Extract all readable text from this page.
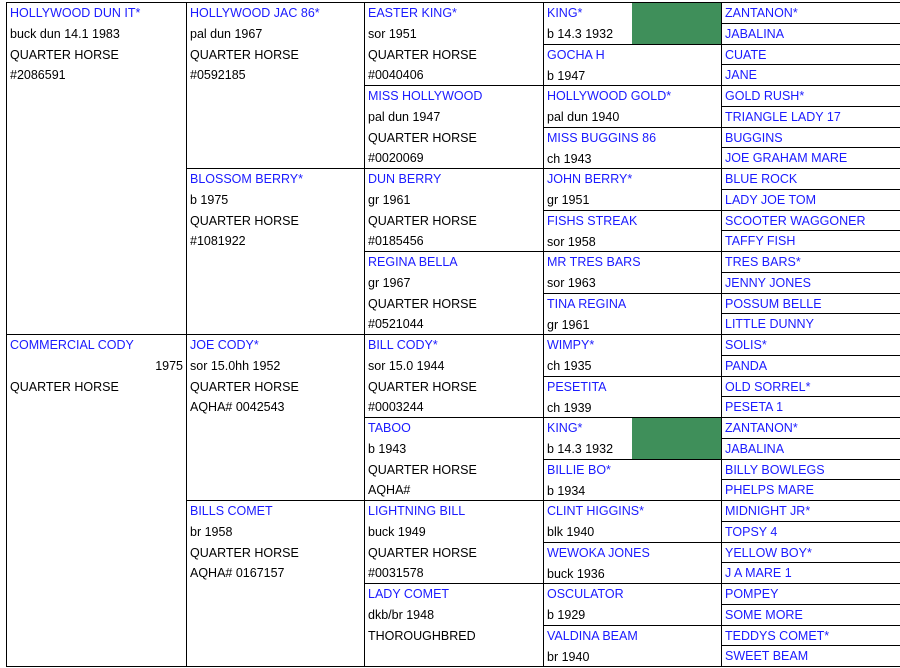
HOLLYWOOD DUN IT*
buck dun 14.1 1983
QUARTER HORSE
#2086591
COMMERCIAL CODY
1975
QUARTER HORSE
HOLLYWOOD JAC 86*
pal dun 1967
QUARTER HORSE
#0592185
BLOSSOM BERRY*
b 1975
QUARTER HORSE
#1081922
JOE CODY*
sor 15.0hh 1952
QUARTER HORSE
AQHA# 0042543
BILLS COMET
br 1958
QUARTER HORSE
AQHA# 0167157
EASTER KING*
sor 1951
QUARTER HORSE
#0040406
MISS HOLLYWOOD
pal dun 1947
QUARTER HORSE
#0020069
DUN BERRY
gr 1961
QUARTER HORSE
#0185456
REGINA BELLA
gr 1967
QUARTER HORSE
#0521044
BILL CODY*
sor 15.0 1944
QUARTER HORSE
#0003244
TABOO
b 1943
QUARTER HORSE
AQHA#
LIGHTNING BILL
buck 1949
QUARTER HORSE
#0031578
LADY COMET
dkb/br 1948
THOROUGHBRED
KING*
b 14.3 1932
GOCHA H
b 1947
HOLLYWOOD GOLD*
pal dun 1940
MISS BUGGINS 86
ch 1943
JOHN BERRY*
gr 1951
FISHS STREAK
sor 1958
MR TRES BARS
sor 1963
TINA REGINA
gr 1961
WIMPY*
ch 1935
PESETITA
ch 1939
KING*
b 14.3 1932
BILLIE BO*
b 1934
CLINT HIGGINS*
blk 1940
WEWOKA JONES
buck 1936
OSCULATOR
b 1929
VALDINA BEAM
br 1940
ZANTANON*
JABALINA
CUATE
JANE
GOLD RUSH*
TRIANGLE LADY 17
BUGGINS
JOE GRAHAM MARE
BLUE ROCK
LADY JOE TOM
SCOOTER WAGGONER
TAFFY FISH
TRES BARS*
JENNY JONES
POSSUM BELLE
LITTLE DUNNY
SOLIS*
PANDA
OLD SORREL*
PESETA 1
ZANTANON*
JABALINA
BILLY BOWLEGS
PHELPS MARE
MIDNIGHT JR*
TOPSY 4
YELLOW BOY*
J A MARE 1
POMPEY
SOME MORE
TEDDYS COMET*
SWEET BEAM
